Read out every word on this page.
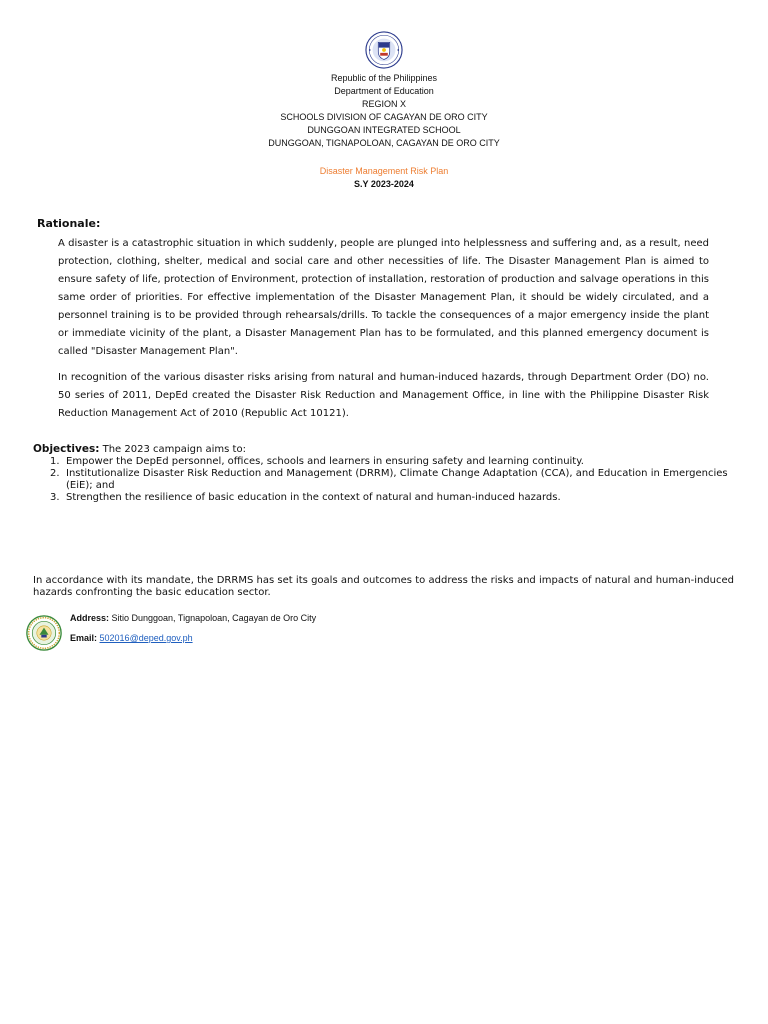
Republic of the Philippines
Department of Education
REGION X
SCHOOLS DIVISION OF CAGAYAN DE ORO CITY
DUNGGOAN INTEGRATED SCHOOL
DUNGGOAN, TIGNAPOLOAN, CAGAYAN DE ORO CITY
Disaster Management Risk Plan
S.Y 2023-2024
Rationale:

A disaster is a catastrophic situation in which suddenly, people are plunged into helplessness and suffering and, as a result, need protection, clothing, shelter, medical and social care and other necessities of life. The Disaster Management Plan is aimed to ensure safety of life, protection of Environment, protection of installation, restoration of production and salvage operations in this same order of priorities. For effective implementation of the Disaster Management Plan, it should be widely circulated, and a personnel training is to be provided through rehearsals/drills. To tackle the consequences of a major emergency inside the plant or immediate vicinity of the plant, a Disaster Management Plan has to be formulated, and this planned emergency document is called "Disaster Management Plan".

In recognition of the various disaster risks arising from natural and human-induced hazards, through Department Order (DO) no. 50 series of 2011, DepEd created the Disaster Risk Reduction and Management Office, in line with the Philippine Disaster Risk Reduction Management Act of 2010 (Republic Act 10121).

Objectives: The 2023 campaign aims to:
1. Empower the DepEd personnel, offices, schools and learners in ensuring safety and learning continuity.
2. Institutionalize Disaster Risk Reduction and Management (DRRM), Climate Change Adaptation (CCA), and Education in Emergencies (EiE); and
3. Strengthen the resilience of basic education in the context of natural and human-induced hazards.

In accordance with its mandate, the DRRMS has set its goals and outcomes to address the risks and impacts of natural and human-induced hazards confronting the basic education sector.

Address: Sitio Dunggoan, Tignapoloan, Cagayan de Oro City
Email: 502016@deped.gov.ph
